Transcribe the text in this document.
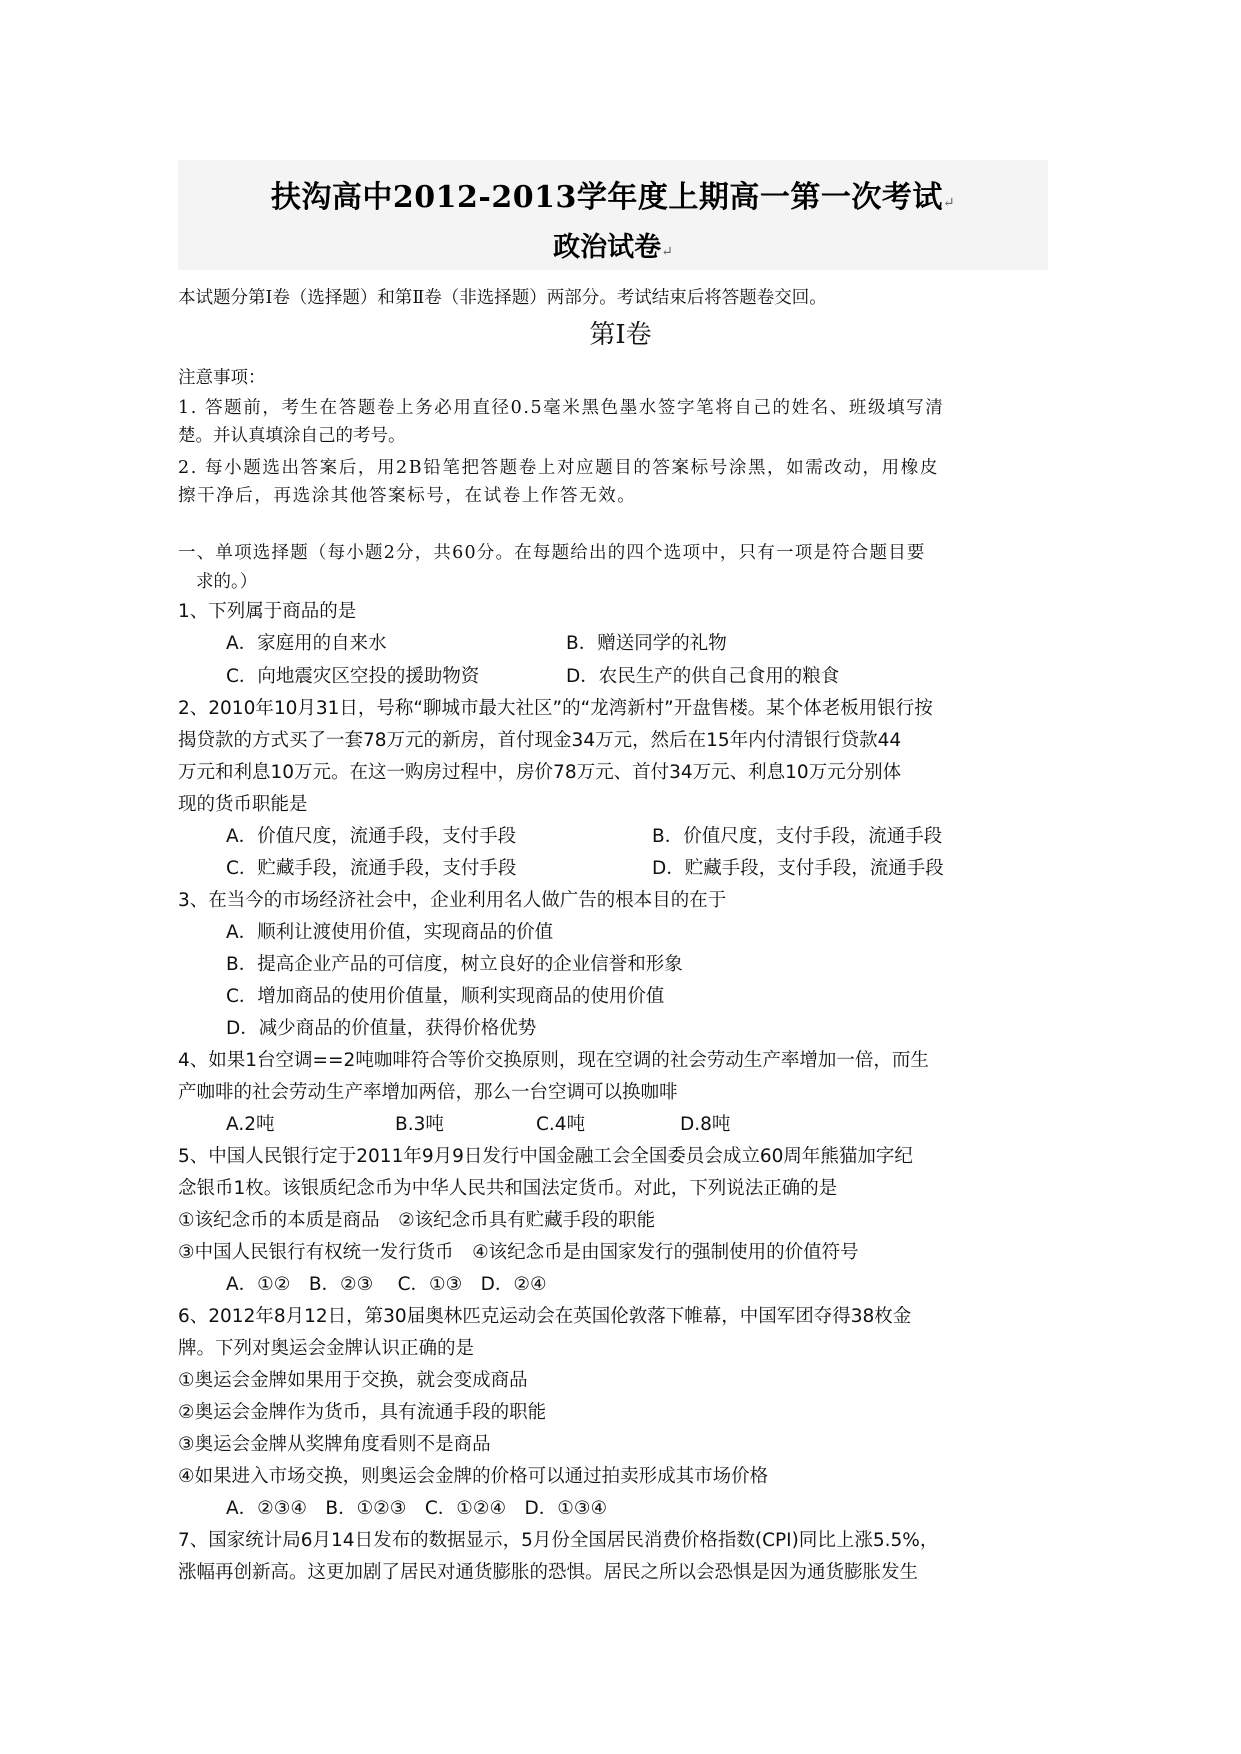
扶沟高中2012-2013学年度上期高一第一次考试↵
政治试卷↵
本试题分第Ⅰ卷（选择题）和第Ⅱ卷（非选择题）两部分。考试结束后将答题卷交回。
第Ⅰ卷
注意事项：
1. 答题前，考生在答题卷上务必用直径0.5毫米黑色墨水签字笔将自己的姓名、班级填写清
楚。并认真填涂自己的考号。
2. 每小题选出答案后，用2B铅笔把答题卷上对应题目的答案标号涂黑，如需改动，用橡皮
擦干净后，再选涂其他答案标号，在试卷上作答无效。
一、单项选择题（每小题2分，共60分。在每题给出的四个选项中，只有一项是符合题目要
求的。）
1、下列属于商品的是
A．家庭用的自来水	B．赠送同学的礼物
C．向地震灾区空投的援助物资	D．农民生产的供自己食用的粮食
2、2010年10月31日，号称“聊城市最大社区”的“龙湾新村”开盘售楼。某个体老板用银行按
揭贷款的方式买了一套78万元的新房，首付现金34万元，然后在15年内付清银行贷款44
万元和利息10万元。在这一购房过程中，房价78万元、首付34万元、利息10万元分别体
现的货币职能是
A．价值尺度，流通手段，支付手段	B．价值尺度，支付手段，流通手段
C．贮藏手段，流通手段，支付手段	D．贮藏手段，支付手段，流通手段
3、在当今的市场经济社会中，企业利用名人做广告的根本目的在于
A．顺利让渡使用价值，实现商品的价值
B．提高企业产品的可信度，树立良好的企业信誉和形象
C．增加商品的使用价值量，顺利实现商品的使用价值
D．减少商品的价值量，获得价格优势
4、如果1台空调==2吨咖啡符合等价交换原则，现在空调的社会劳动生产率增加一倍，而生
产咖啡的社会劳动生产率增加两倍，那么一台空调可以换咖啡
A.2吨	B.3吨	C.4吨	D.8吨
5、中国人民银行定于2011年9月9日发行中国金融工会全国委员会成立60周年熊猫加字纪
念银币1枚。该银质纪念币为中华人民共和国法定货币。对此，下列说法正确的是
①该纪念币的本质是商品　②该纪念币具有贮藏手段的职能
③中国人民银行有权统一发行货币　④该纪念币是由国家发行的强制使用的价值符号
A．①②　B．②③　 C．①③　D．②④
6、2012年8月12日，第30届奥林匹克运动会在英国伦敦落下帷幕，中国军团夺得38枚金
牌。下列对奥运会金牌认识正确的是
①奥运会金牌如果用于交换，就会变成商品
②奥运会金牌作为货币，具有流通手段的职能
③奥运会金牌从奖牌角度看则不是商品
④如果进入市场交换，则奥运会金牌的价格可以通过拍卖形成其市场价格
A．②③④　B．①②③　C．①②④　D．①③④
7、国家统计局6月14日发布的数据显示，5月份全国居民消费价格指数(CPI)同比上涨5.5%，
涨幅再创新高。这更加剧了居民对通货膨胀的恐惧。居民之所以会恐惧是因为通货膨胀发生
